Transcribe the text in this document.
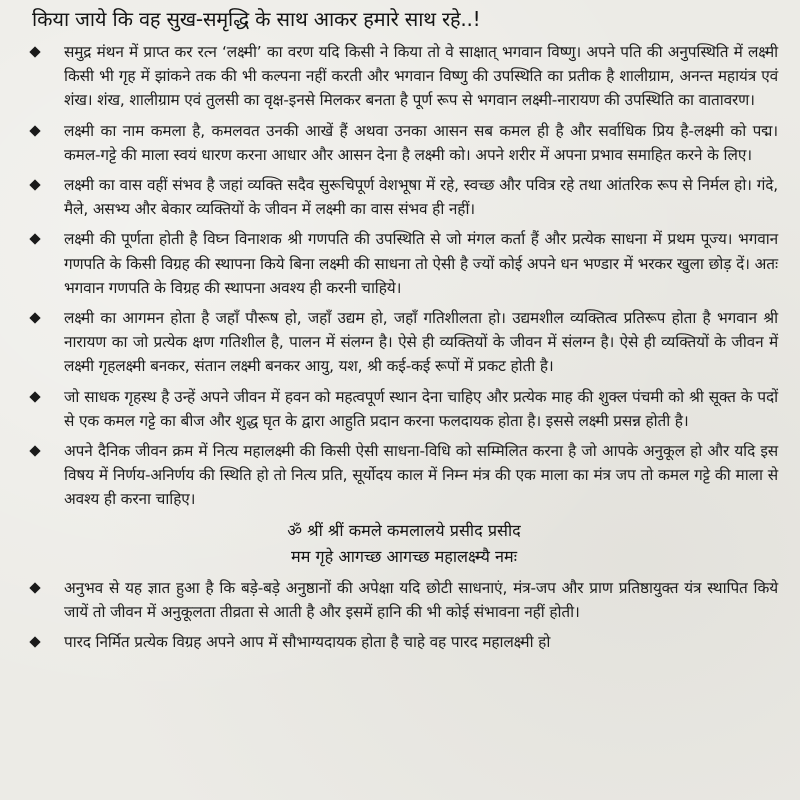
किया जाये कि वह सुख-समृद्धि के साथ आकर हमारे साथ रहे..!
समुद्र मंथन में प्राप्त कर रत्न ‘लक्ष्मी’ का वरण यदि किसी ने किया तो वे साक्षात् भगवान विष्णु। अपने पति की अनुपस्थिति में लक्ष्मी किसी भी गृह में झांकने तक की भी कल्पना नहीं करती और भगवान विष्णु की उपस्थिति का प्रतीक है शालीग्राम, अनन्त महायंत्र एवं शंख। शंख, शालीग्राम एवं तुलसी का वृक्ष-इनसे मिलकर बनता है पूर्ण रूप से भगवान लक्ष्मी-नारायण की उपस्थिति का वातावरण।
लक्ष्मी का नाम कमला है, कमलवत उनकी आखें हैं अथवा उनका आसन सब कमल ही है और सर्वाधिक प्रिय है-लक्ष्मी को पद्म। कमल-गट्टे की माला स्वयं धारण करना आधार और आसन देना है लक्ष्मी को। अपने शरीर में अपना प्रभाव समाहित करने के लिए।
लक्ष्मी का वास वहीं संभव है जहां व्यक्ति सदैव सुरूचिपूर्ण वेशभूषा में रहे, स्वच्छ और पवित्र रहे तथा आंतरिक रूप से निर्मल हो। गंदे, मैले, असभ्य और बेकार व्यक्तियों के जीवन में लक्ष्मी का वास संभव ही नहीं।
लक्ष्मी की पूर्णता होती है विघ्न विनाशक श्री गणपति की उपस्थिति से जो मंगल कर्ता हैं और प्रत्येक साधना में प्रथम पूज्य। भगवान गणपति के किसी विग्रह की स्थापना किये बिना लक्ष्मी की साधना तो ऐसी है ज्यों कोई अपने धन भण्डार में भरकर खुला छोड़ दें। अतः भगवान गणपति के विग्रह की स्थापना अवश्य ही करनी चाहिये।
लक्ष्मी का आगमन होता है जहाँ पौरूष हो, जहाँ उद्यम हो, जहाँ गतिशीलता हो। उद्यमशील व्यक्तित्व प्रतिरूप होता है भगवान श्री नारायण का जो प्रत्येक क्षण गतिशील है, पालन में संलग्न है। ऐसे ही व्यक्तियों के जीवन में संलग्न है। ऐसे ही व्यक्तियों के जीवन में लक्ष्मी गृहलक्ष्मी बनकर, संतान लक्ष्मी बनकर आयु, यश, श्री कई-कई रूपों में प्रकट होती है।
जो साधक गृहस्थ है उन्हें अपने जीवन में हवन को महत्वपूर्ण स्थान देना चाहिए और प्रत्येक माह की शुक्ल पंचमी को श्री सूक्त के पदों से एक कमल गट्टे का बीज और शुद्ध घृत के द्वारा आहुति प्रदान करना फलदायक होता है। इससे लक्ष्मी प्रसन्न होती है।
अपने दैनिक जीवन क्रम में नित्य महालक्ष्मी की किसी ऐसी साधना-विधि को सम्मिलित करना है जो आपके अनुकूल हो और यदि इस विषय में निर्णय-अनिर्णय की स्थिति हो तो नित्य प्रति, सूर्योदय काल में निम्न मंत्र की एक माला का मंत्र जप तो कमल गट्टे की माला से अवश्य ही करना चाहिए।
ॐ श्रीं श्रीं कमले कमलालये प्रसीद प्रसीद
मम गृहे आगच्छ आगच्छ महालक्ष्म्यै नमः
अनुभव से यह ज्ञात हुआ है कि बड़े-बड़े अनुष्ठानों की अपेक्षा यदि छोटी साधनाएं, मंत्र-जप और प्राण प्रतिष्ठायुक्त यंत्र स्थापित किये जायें तो जीवन में अनुकूलता तीव्रता से आती है और इसमें हानि की भी कोई संभावना नहीं होती।
पारद निर्मित प्रत्येक विग्रह अपने आप में सौभाग्यदायक होता है चाहे वह पारद महालक्ष्मी हो
